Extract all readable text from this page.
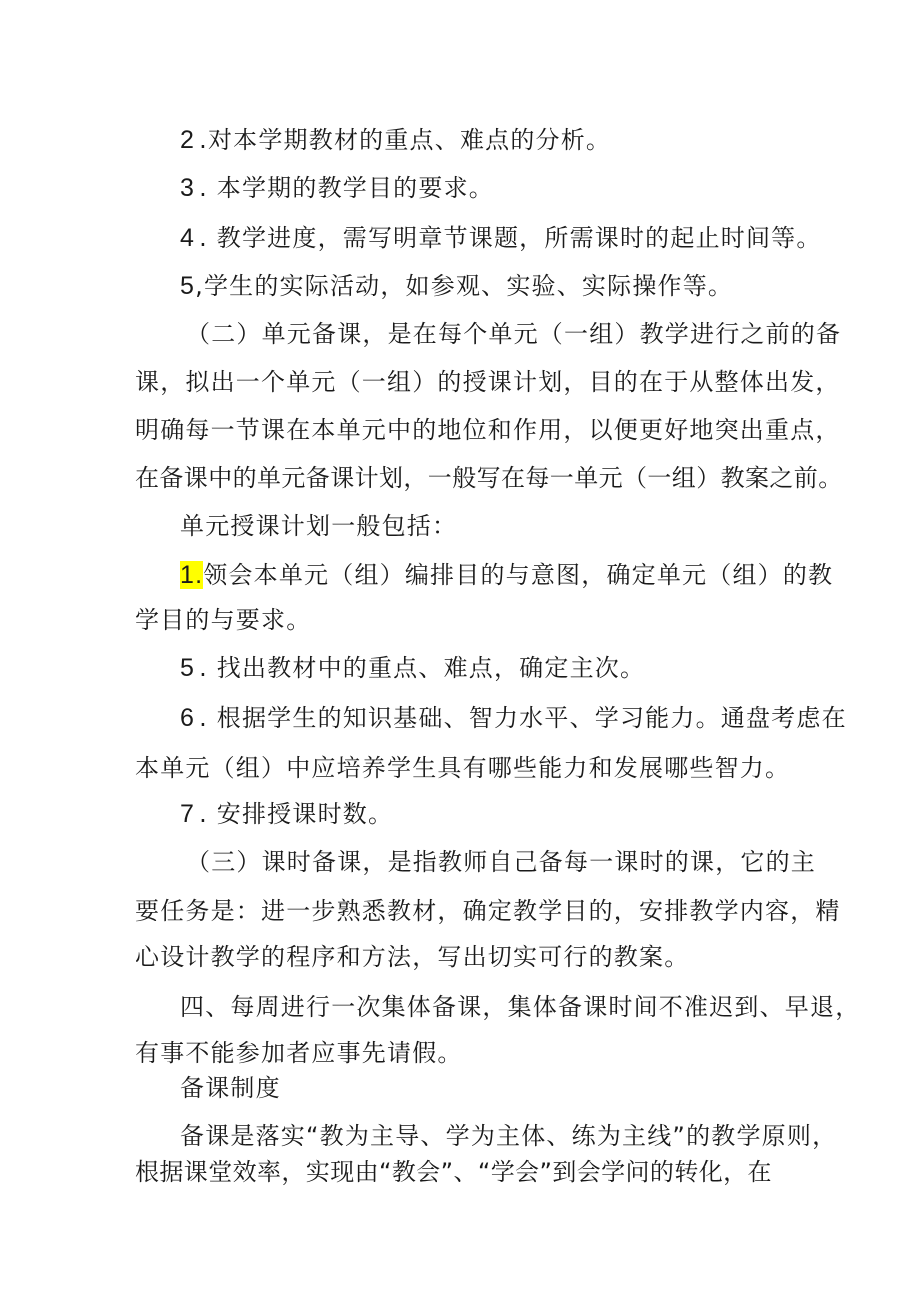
2 .对本学期教材的重点、难点的分析。
3 . 本学期的教学目的要求。
4 . 教学进度，需写明章节课题，所需课时的起止时间等。
5,学生的实际活动，如参观、实验、实际操作等。
（二）单元备课，是在每个单元（一组）教学进行之前的备
课，拟出一个单元（一组）的授课计划，目的在于从整体出发，
明确每一节课在本单元中的地位和作用，以便更好地突出重点，
在备课中的单元备课计划，一般写在每一单元（一组）教案之前。
单元授课计划一般包括：
1.领会本单元（组）编排目的与意图，确定单元（组）的教
学目的与要求。
5 . 找出教材中的重点、难点，确定主次。
6 . 根据学生的知识基础、智力水平、学习能力。通盘考虑在
本单元（组）中应培养学生具有哪些能力和发展哪些智力。
7 . 安排授课时数。
（三）课时备课，是指教师自己备每一课时的课，它的主
要任务是：进一步熟悉教材，确定教学目的，安排教学内容，精
心设计教学的程序和方法，写出切实可行的教案。
四、每周进行一次集体备课，集体备课时间不准迟到、早退，
有事不能参加者应事先请假。
备课制度
备课是落实“教为主导、学为主体、练为主线”的教学原则，
根据课堂效率，实现由“教会”、“学会”到会学问的转化，在
